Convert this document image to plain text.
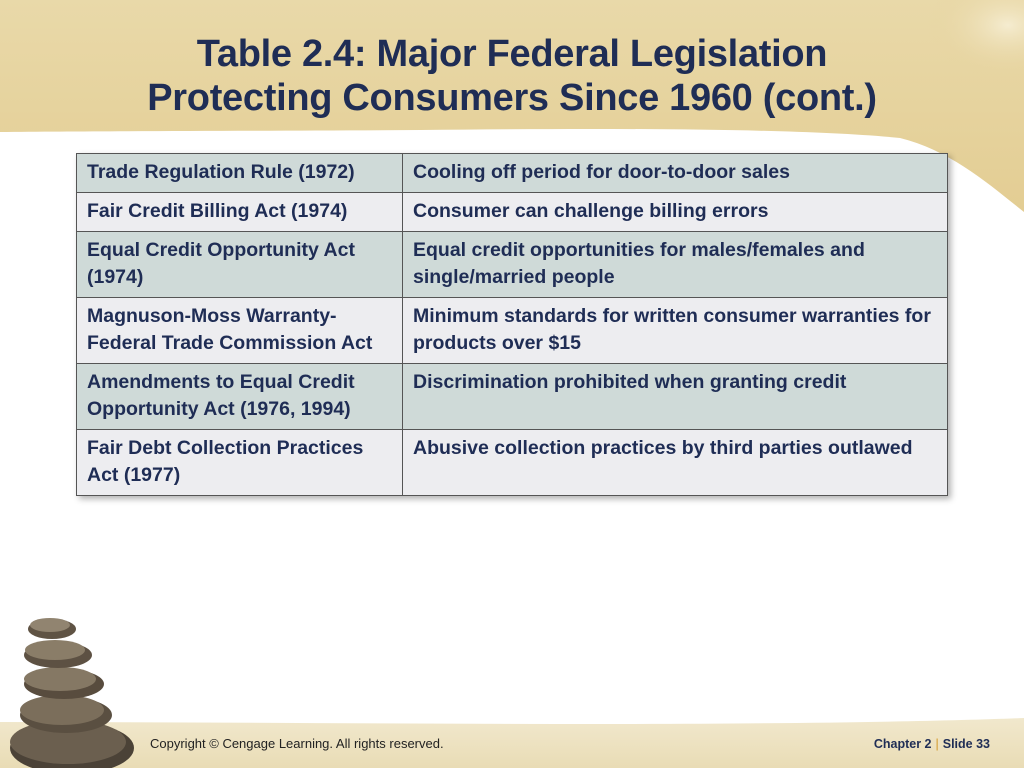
Table 2.4: Major Federal Legislation
Protecting Consumers Since 1960 (cont.)
Trade Regulation Rule (1972)	Cooling off period for door-to-door sales
Fair Credit Billing Act (1974)	Consumer can challenge billing errors
Equal Credit Opportunity Act (1974)	Equal credit opportunities for males/females and single/married people
Magnuson-Moss Warranty-Federal Trade Commission Act	Minimum standards for written consumer warranties for products over $15
Amendments to Equal Credit Opportunity Act (1976, 1994)	Discrimination prohibited when granting credit
Fair Debt Collection Practices Act (1977)	Abusive collection practices by third parties outlawed
Copyright © Cengage Learning. All rights reserved.	Chapter 2 | Slide 33
